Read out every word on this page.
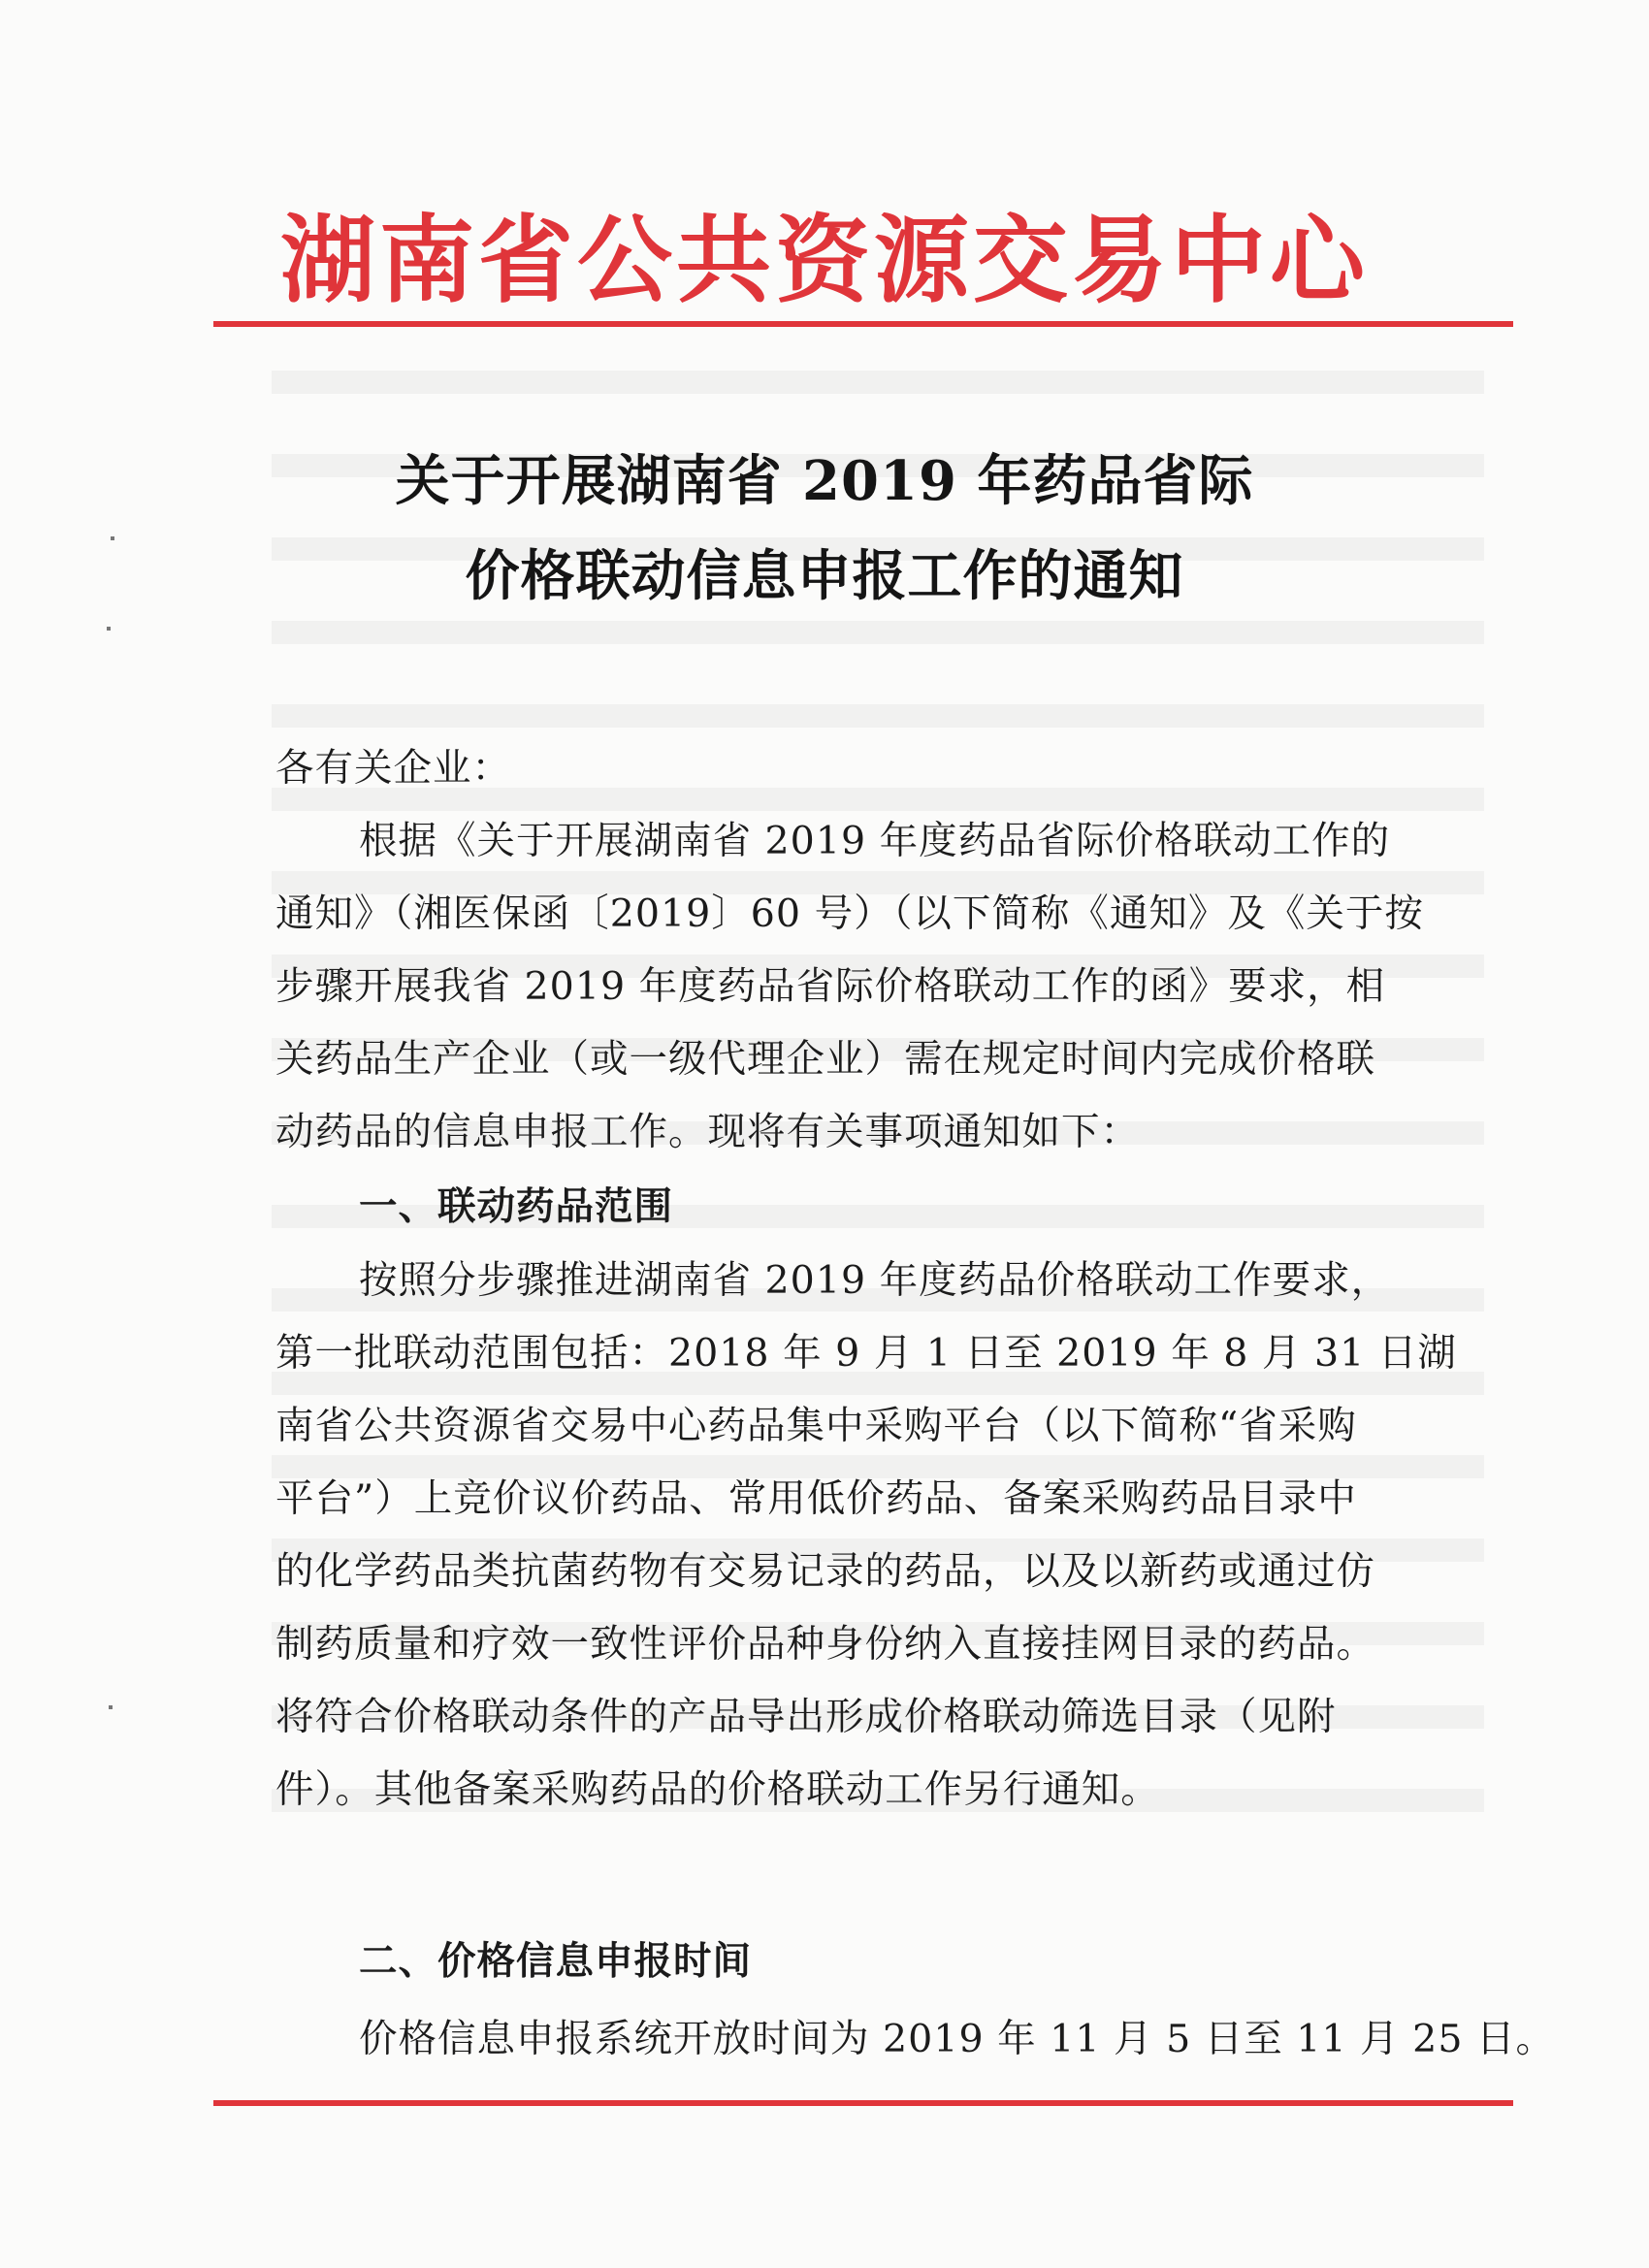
湖南省公共资源交易中心
关于开展湖南省 2019 年药品省际
价格联动信息申报工作的通知
各有关企业：
根据《关于开展湖南省 2019 年度药品省际价格联动工作的
通知》（湘医保函〔2019〕60 号）（以下简称《通知》及《关于按
步骤开展我省 2019 年度药品省际价格联动工作的函》要求，相
关药品生产企业（或一级代理企业）需在规定时间内完成价格联
动药品的信息申报工作。现将有关事项通知如下：
一、联动药品范围
按照分步骤推进湖南省 2019 年度药品价格联动工作要求，
第一批联动范围包括：2018 年 9 月 1 日至 2019 年 8 月 31 日湖
南省公共资源省交易中心药品集中采购平台（以下简称“省采购
平台”）上竞价议价药品、常用低价药品、备案采购药品目录中
的化学药品类抗菌药物有交易记录的药品，以及以新药或通过仿
制药质量和疗效一致性评价品种身份纳入直接挂网目录的药品。
将符合价格联动条件的产品导出形成价格联动筛选目录（见附
件）。其他备案采购药品的价格联动工作另行通知。
二、价格信息申报时间
价格信息申报系统开放时间为 2019 年 11 月 5 日至 11 月 25 日。
